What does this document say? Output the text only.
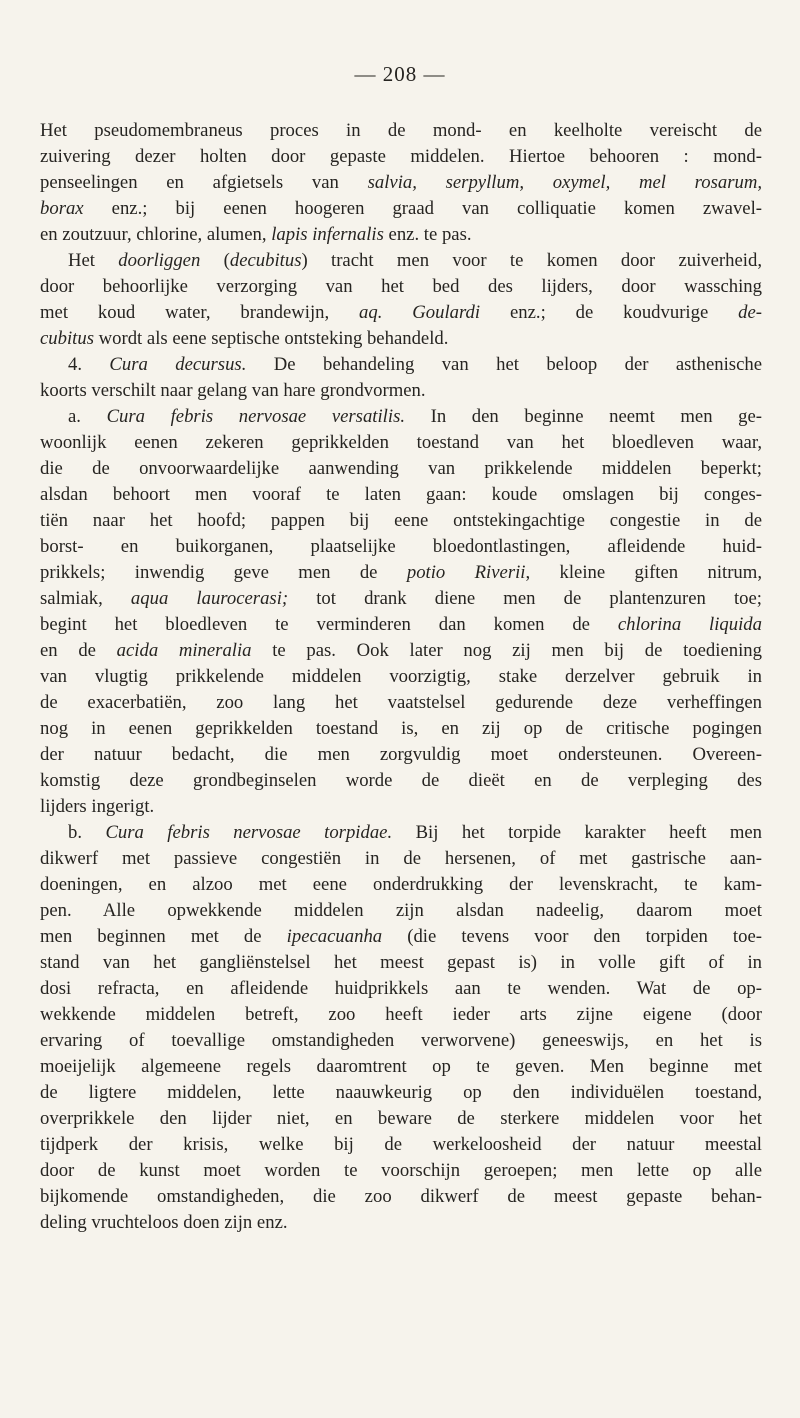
— 208 —
Het pseudomembraneus proces in de mond- en keelholte vereischt de
zuivering dezer holten door gepaste middelen. Hiertoe behooren : mond-
penseelingen en afgietsels van salvia, serpyllum, oxymel, mel rosarum,
borax enz.; bij eenen hoogeren graad van colliquatie komen zwavel-
en zoutzuur, chlorine, alumen, lapis infernalis enz. te pas.
Het doorliggen (decubitus) tracht men voor te komen door zuiverheid,
door behoorlijke verzorging van het bed des lijders, door wassching
met koud water, brandewijn, aq. Goulardi enz.; de koudvurige de-
cubitus wordt als eene septische ontsteking behandeld.
4. Cura decursus. De behandeling van het beloop der asthenische
koorts verschilt naar gelang van hare grondvormen.
a. Cura febris nervosae versatilis. In den beginne neemt men ge-
woonlijk eenen zekeren geprikkelden toestand van het bloedleven waar,
die de onvoorwaardelijke aanwending van prikkelende middelen beperkt;
alsdan behoort men vooraf te laten gaan: koude omslagen bij conges-
tiën naar het hoofd; pappen bij eene ontstekingachtige congestie in de
borst- en buikorganen, plaatselijke bloedontlastingen, afleidende huid-
prikkels; inwendig geve men de potio Riverii, kleine giften nitrum,
salmiak, aqua laurocerasi; tot drank diene men de plantenzuren toe;
begint het bloedleven te verminderen dan komen de chlorina liquida
en de acida mineralia te pas. Ook later nog zij men bij de toediening
van vlugtig prikkelende middelen voorzigtig, stake derzelver gebruik in
de exacerbatiën, zoo lang het vaatstelsel gedurende deze verheffingen
nog in eenen geprikkelden toestand is, en zij op de critische pogingen
der natuur bedacht, die men zorgvuldig moet ondersteunen. Overeen-
komstig deze grondbeginselen worde de dieët en de verpleging des
lijders ingerigt.
b. Cura febris nervosae torpidae. Bij het torpide karakter heeft men
dikwerf met passieve congestiën in de hersenen, of met gastrische aan-
doeningen, en alzoo met eene onderdrukking der levenskracht, te kam-
pen. Alle opwekkende middelen zijn alsdan nadeelig, daarom moet
men beginnen met de ipecacuanha (die tevens voor den torpiden toe-
stand van het gangliënstelsel het meest gepast is) in volle gift of in
dosi refracta, en afleidende huidprikkels aan te wenden. Wat de op-
wekkende middelen betreft, zoo heeft ieder arts zijne eigene (door
ervaring of toevallige omstandigheden verworvene) geneeswijs, en het is
moeijelijk algemeene regels daaromtrent op te geven. Men beginne met
de ligtere middelen, lette naauwkeurig op den individuëlen toestand,
overprikkele den lijder niet, en beware de sterkere middelen voor het
tijdperk der krisis, welke bij de werkeloosheid der natuur meestal
door de kunst moet worden te voorschijn geroepen; men lette op alle
bijkomende omstandigheden, die zoo dikwerf de meest gepaste behan-
deling vruchteloos doen zijn enz.
